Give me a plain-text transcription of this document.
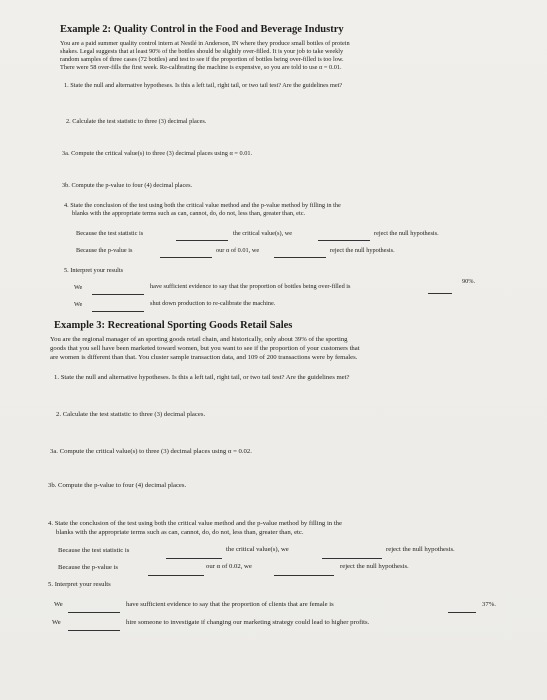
Example 2: Quality Control in the Food and Beverage Industry
You are a paid summer quality control intern at Nestlé in Anderson, IN where they produce small bottles of protein
shakes. Legal suggests that at least 90% of the bottles should be slightly over-filled. It is your job to take weekly
random samples of three cases (72 bottles) and test to see if the proportion of bottles being over-filled is too low.
There were 58 over-fills the first week. Re-calibrating the machine is expensive, so you are told to use α = 0.01.
1. State the null and alternative hypotheses. Is this a left tail, right tail, or two tail test? Are the guidelines met?
2. Calculate the test statistic to three (3) decimal places.
3a. Compute the critical value(s) to three (3) decimal places using α = 0.01.
3b. Compute the p-value to four (4) decimal places.
4. State the conclusion of the test using both the critical value method and the p-value method by filling in the
blanks with the appropriate terms such as can, cannot, do, do not, less than, greater than, etc.
Because the test statistic is	the critical value(s), we	reject the null hypothesis.
Because the p-value is	our α of 0.01, we	reject the null hypothesis.
5. Interpret your results
We	have sufficient evidence to say that the proportion of bottles being over-filled is
90%.
We	shut down production to re-calibrate the machine.
Example 3: Recreational Sporting Goods Retail Sales
You are the regional manager of an sporting goods retail chain, and historically, only about 39% of the sporting
goods that you sell have been marketed toward women, but you want to see if the proportion of your customers that
are women is different than that. You cluster sample transaction data, and 109 of 200 transactions were by females.
1. State the null and alternative hypotheses. Is this a left tail, right tail, or two tail test? Are the guidelines met?
2. Calculate the test statistic to three (3) decimal places.
3a. Compute the critical value(s) to three (3) decimal places using α = 0.02.
3b. Compute the p-value to four (4) decimal places.
4. State the conclusion of the test using both the critical value method and the p-value method by filling in the
blanks with the appropriate terms such as can, cannot, do, do not, less than, greater than, etc.
Because the test statistic is	the critical value(s), we	reject the null hypothesis.
Because the p-value is	our α of 0.02, we	reject the null hypothesis.
5. Interpret your results
We	have sufficient evidence to say that the proportion of clients that are female is	37%.
We	hire someone to investigate if changing our marketing strategy could lead to higher profits.
